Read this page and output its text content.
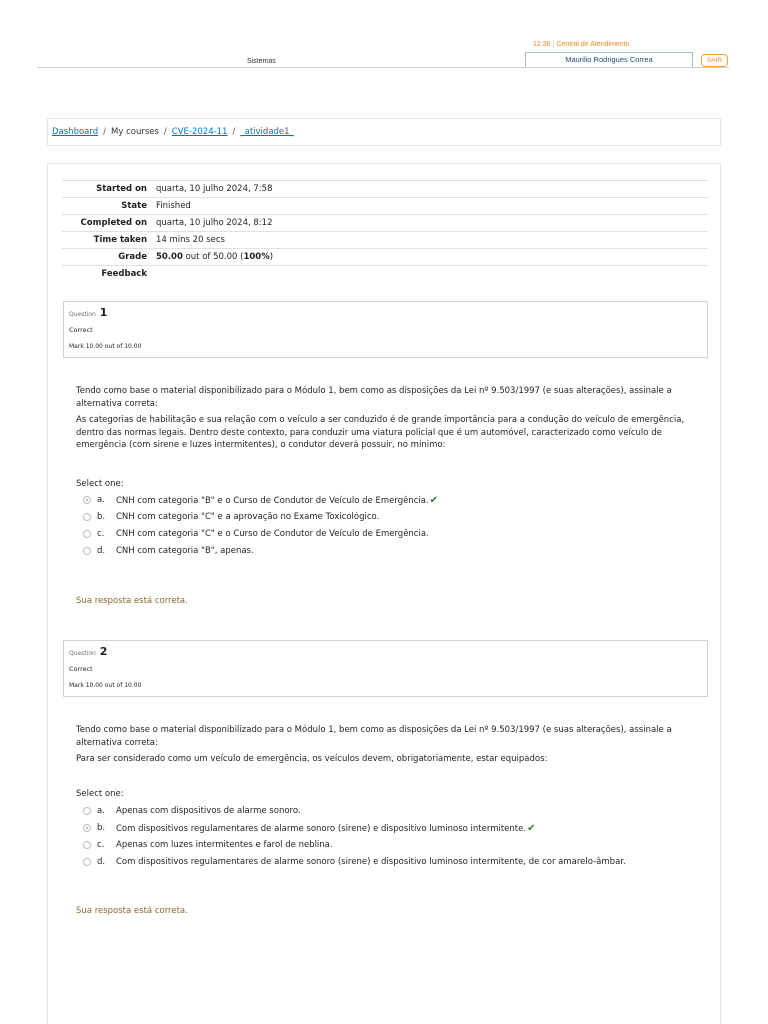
12:36 | Central de Atendimento
Sistemas	Maurilio Rodrigues Correa	SAIR
Dashboard / My courses / CVE-2024-11 / _atividade1_
Started on	quarta, 10 julho 2024, 7:58
State	Finished
Completed on	quarta, 10 julho 2024, 8:12
Time taken	14 mins 20 secs
Grade	50.00 out of 50.00 (100%)
Feedback	
Question 1
Correct
Mark 10.00 out of 10.00

Tendo como base o material disponibilizado para o Módulo 1, bem como as disposições da Lei nº 9.503/1997 (e suas alterações), assinale a alternativa correta:

As categorias de habilitação e sua relação com o veículo a ser conduzido é de grande importância para a condução do veículo de emergência, dentro das normas legais. Dentro deste contexto, para conduzir uma viatura policial que é um automóvel, caracterizado como veículo de emergência (com sirene e luzes intermitentes), o condutor deverá possuir, no mínimo:

Select one:
a. CNH com categoria "B" e o Curso de Condutor de Veículo de Emergência.✔
b. CNH com categoria "C" e a aprovação no Exame Toxicológico.
c. CNH com categoria "C" e o Curso de Condutor de Veículo de Emergência.
d. CNH com categoria "B", apenas.
Sua resposta está correta.
Question 2
Correct
Mark 10.00 out of 10.00

Tendo como base o material disponibilizado para o Módulo 1, bem como as disposições da Lei nº 9.503/1997 (e suas alterações), assinale a alternativa correta:

Para ser considerado como um veículo de emergência, os veículos devem, obrigatoriamente, estar equipados:

Select one:
a. Apenas com dispositivos de alarme sonoro.
b. Com dispositivos regulamentares de alarme sonoro (sirene) e dispositivo luminoso intermitente.✔
c. Apenas com luzes intermitentes e farol de neblina.
d. Com dispositivos regulamentares de alarme sonoro (sirene) e dispositivo luminoso intermitente, de cor amarelo-âmbar.
Sua resposta está correta.
